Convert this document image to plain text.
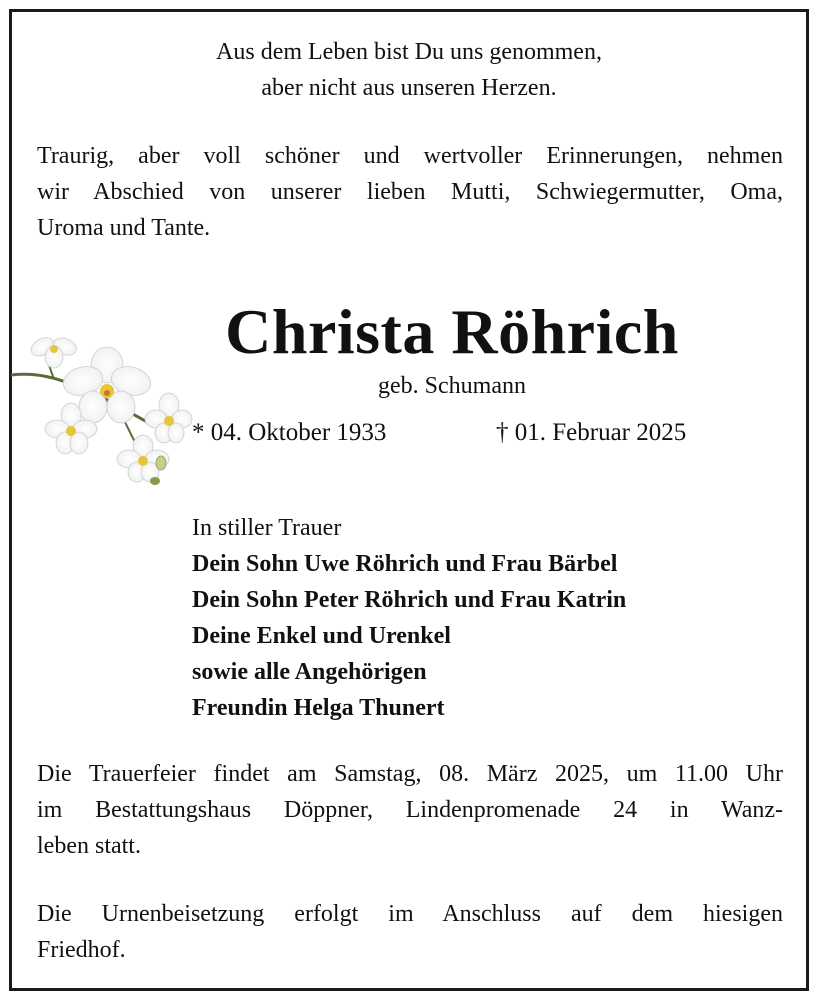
Aus dem Leben bist Du uns genommen,
aber nicht aus unseren Herzen.
Traurig, aber voll schöner und wertvoller Erinnerungen, nehmen
wir Abschied von unserer lieben Mutti, Schwiegermutter, Oma,
Uroma und Tante.
Christa Röhrich
geb. Schumann
* 04. Oktober 1933	† 01. Februar 2025
In stiller Trauer
Dein Sohn Uwe Röhrich und Frau Bärbel
Dein Sohn Peter Röhrich und Frau Katrin
Deine Enkel und Urenkel
sowie alle Angehörigen
Freundin Helga Thunert
Die Trauerfeier findet am Samstag, 08. März 2025, um 11.00 Uhr
im Bestattungshaus Döppner, Lindenpromenade 24 in Wanz-
leben statt.
Die Urnenbeisetzung erfolgt im Anschluss auf dem hiesigen
Friedhof.
